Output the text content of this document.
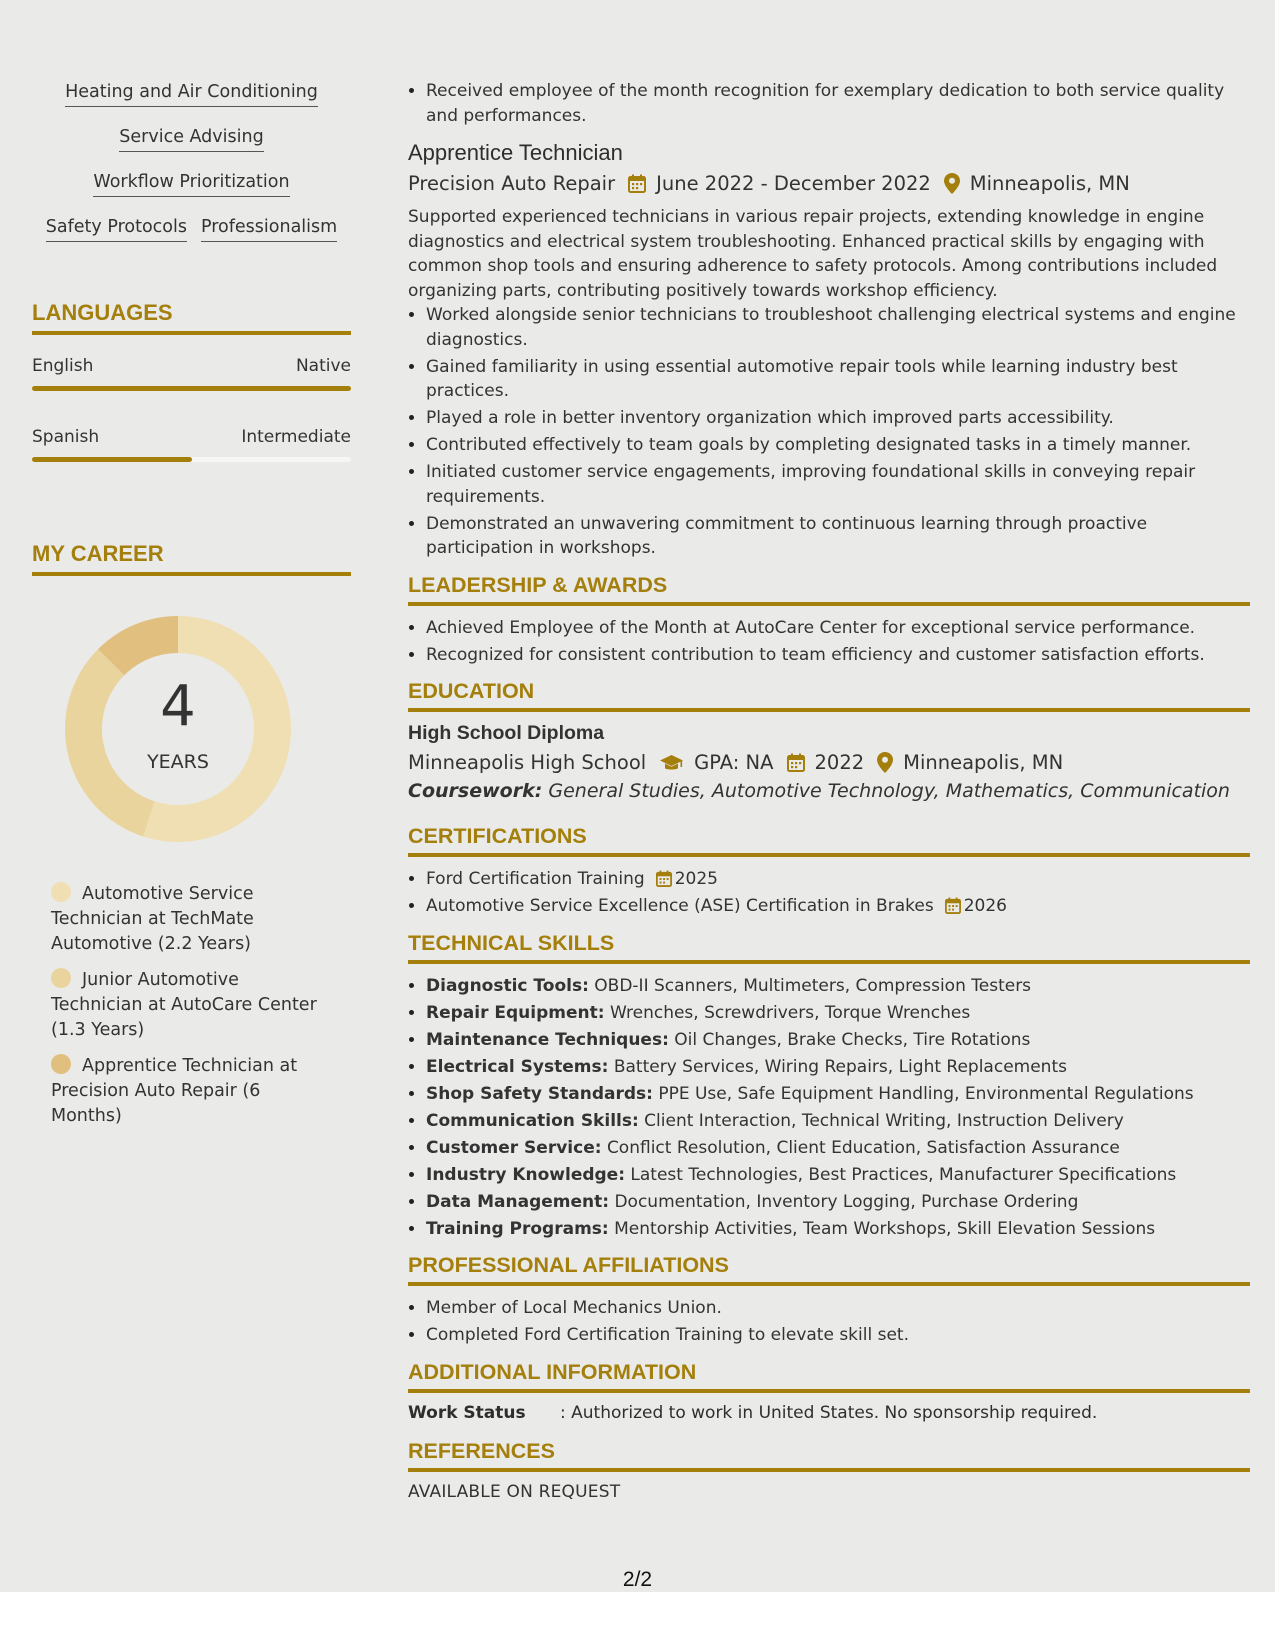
Heating and Air Conditioning
Service Advising
Workflow Prioritization
Safety Protocols Professionalism
LANGUAGES
English	Native
Spanish	Intermediate
MY CAREER
4
YEARS
Automotive Service Technician at TechMate Automotive (2.2 Years)
Junior Automotive Technician at AutoCare Center (1.3 Years)
Apprentice Technician at Precision Auto Repair (6 Months)
• Received employee of the month recognition for exemplary dedication to both service quality and performances.
Apprentice Technician
Precision Auto Repair June 2022 - December 2022 Minneapolis, MN
Supported experienced technicians in various repair projects, extending knowledge in engine diagnostics and electrical system troubleshooting. Enhanced practical skills by engaging with common shop tools and ensuring adherence to safety protocols. Among contributions included organizing parts, contributing positively towards workshop efficiency.
• Worked alongside senior technicians to troubleshoot challenging electrical systems and engine diagnostics.
• Gained familiarity in using essential automotive repair tools while learning industry best practices.
• Played a role in better inventory organization which improved parts accessibility.
• Contributed effectively to team goals by completing designated tasks in a timely manner.
• Initiated customer service engagements, improving foundational skills in conveying repair requirements.
• Demonstrated an unwavering commitment to continuous learning through proactive participation in workshops.
LEADERSHIP & AWARDS
• Achieved Employee of the Month at AutoCare Center for exceptional service performance.
• Recognized for consistent contribution to team efficiency and customer satisfaction efforts.
EDUCATION
High School Diploma
Minneapolis High School GPA: NA 2022 Minneapolis, MN
Coursework: General Studies, Automotive Technology, Mathematics, Communication
CERTIFICATIONS
• Ford Certification Training 2025
• Automotive Service Excellence (ASE) Certification in Brakes 2026
TECHNICAL SKILLS
• Diagnostic Tools: OBD-II Scanners, Multimeters, Compression Testers
• Repair Equipment: Wrenches, Screwdrivers, Torque Wrenches
• Maintenance Techniques: Oil Changes, Brake Checks, Tire Rotations
• Electrical Systems: Battery Services, Wiring Repairs, Light Replacements
• Shop Safety Standards: PPE Use, Safe Equipment Handling, Environmental Regulations
• Communication Skills: Client Interaction, Technical Writing, Instruction Delivery
• Customer Service: Conflict Resolution, Client Education, Satisfaction Assurance
• Industry Knowledge: Latest Technologies, Best Practices, Manufacturer Specifications
• Data Management: Documentation, Inventory Logging, Purchase Ordering
• Training Programs: Mentorship Activities, Team Workshops, Skill Elevation Sessions
PROFESSIONAL AFFILIATIONS
• Member of Local Mechanics Union.
• Completed Ford Certification Training to elevate skill set.
ADDITIONAL INFORMATION
Work Status	: Authorized to work in United States. No sponsorship required.
REFERENCES
AVAILABLE ON REQUEST
2/2
